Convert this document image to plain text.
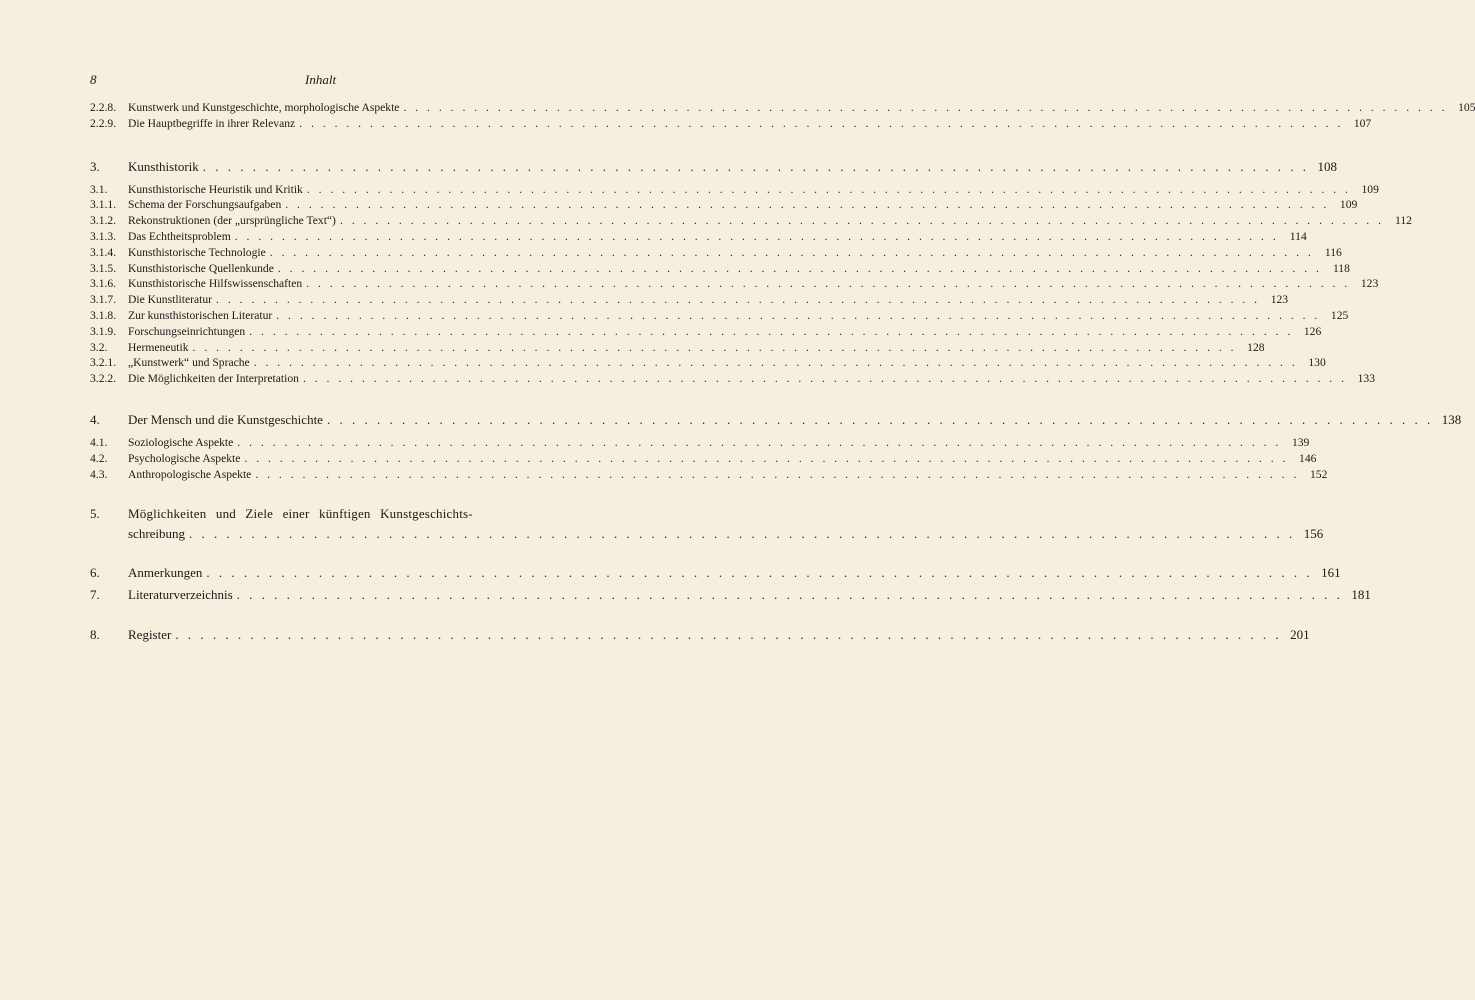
8	Inhalt
2.2.8.	Kunstwerk und Kunstgeschichte, morphologische Aspekte . . .	105
2.2.9.	Die Hauptbegriffe in ihrer Relevanz . . .	107
3.	Kunsthistorik . . .	108
3.1.	Kunsthistorische Heuristik und Kritik . . .	109
3.1.1.	Schema der Forschungsaufgaben . . .	109
3.1.2.	Rekonstruktionen (der „ursprüngliche Text“) . . .	112
3.1.3.	Das Echtheitsproblem . . .	114
3.1.4.	Kunsthistorische Technologie . . .	116
3.1.5.	Kunsthistorische Quellenkunde . . .	118
3.1.6.	Kunsthistorische Hilfswissenschaften . . .	123
3.1.7.	Die Kunstliteratur . . .	123
3.1.8.	Zur kunsthistorischen Literatur . . .	125
3.1.9.	Forschungseinrichtungen . . .	126
3.2.	Hermeneutik . . .	128
3.2.1.	„Kunstwerk“ und Sprache . . .	130
3.2.2.	Die Möglichkeiten der Interpretation . . .	133
4.	Der Mensch und die Kunstgeschichte . . .	138
4.1.	Soziologische Aspekte . . .	139
4.2.	Psychologische Aspekte . . .	146
4.3.	Anthropologische Aspekte . . .	152
5.	Möglichkeiten und Ziele einer künftigen Kunstgeschichts-
schreibung . . .	156
6.	Anmerkungen . . .	161
7.	Literaturverzeichnis . . .	181
8.	Register . . .	201
